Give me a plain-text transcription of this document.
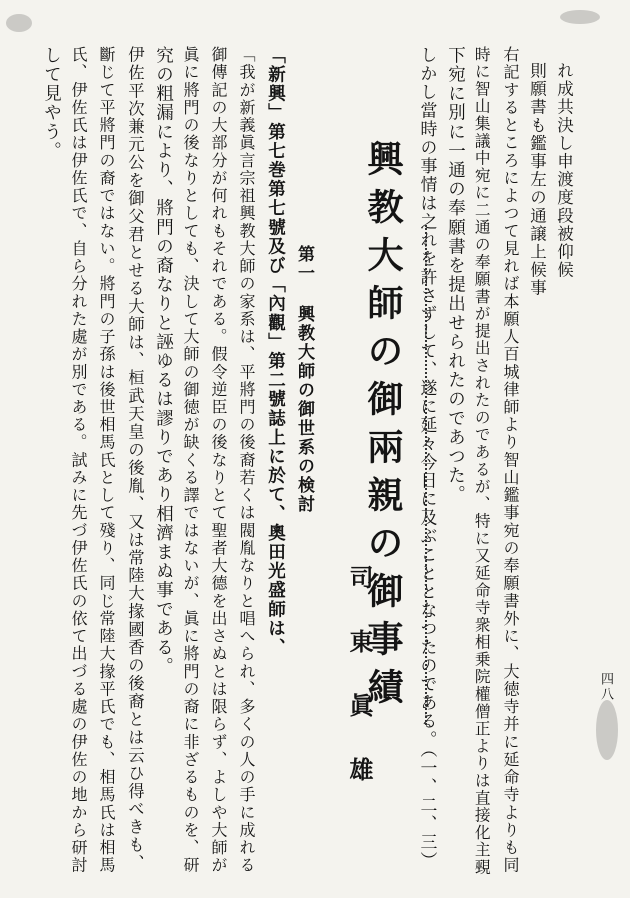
四八
れ成共決し申渡度段被仰候
則願書も鑑事左の通譲上候事
右記するところによつて見れば本願人百城律師より智山鑑事宛の奉願書外に、大徳寺并に延命寺よりも同
時に智山集議中宛に二通の奉願書が提出されたのであるが、特に又延命寺衆相乗院權僧正よりは直接化主覡
下宛に別に一通の奉願書を提出せられたのであつた。
しかし當時の事情は之れを許さずして、遂に延々今日に及ぶこととなつたのである。（一、二、三）
興教大師の御兩親の御事績
司東眞雄
第一 興教大師の御世系の検討
「新興」第七巻第七號及び「內觀」第二號誌上に於て、奧田光盛師は、
「我が新義眞言宗祖興教大師の家系は、平將門の後裔若くは閥胤なりと唱へられ、多くの人の手に成れる
御傳記の大部分が何れもそれである。假令逆臣の後なりとて聖者大德を出さぬとは限らず、よしや大師が
眞に將門の後なりとしても、決して大師の御徳が缺くる譯ではないが、眞に將門の裔に非ざるものを、研
究の粗漏により、將門の裔なりと誣ゆるは謬りであり相濟まぬ事である。
伊佐平次兼元公を御父君とせる大師は、桓武天皇の後胤、又は常陸大掾國香の後裔とは云ひ得べきも、
斷じて平將門の裔ではない。將門の子孫は後世相馬氏として殘り、同じ常陸大掾平氏でも、相馬氏は相馬
氏、伊佐氏は伊佐氏で、自ら分れた處が別である。試みに先づ伊佐氏の依て出づる處の伊佐の地から研討
して見やう。
